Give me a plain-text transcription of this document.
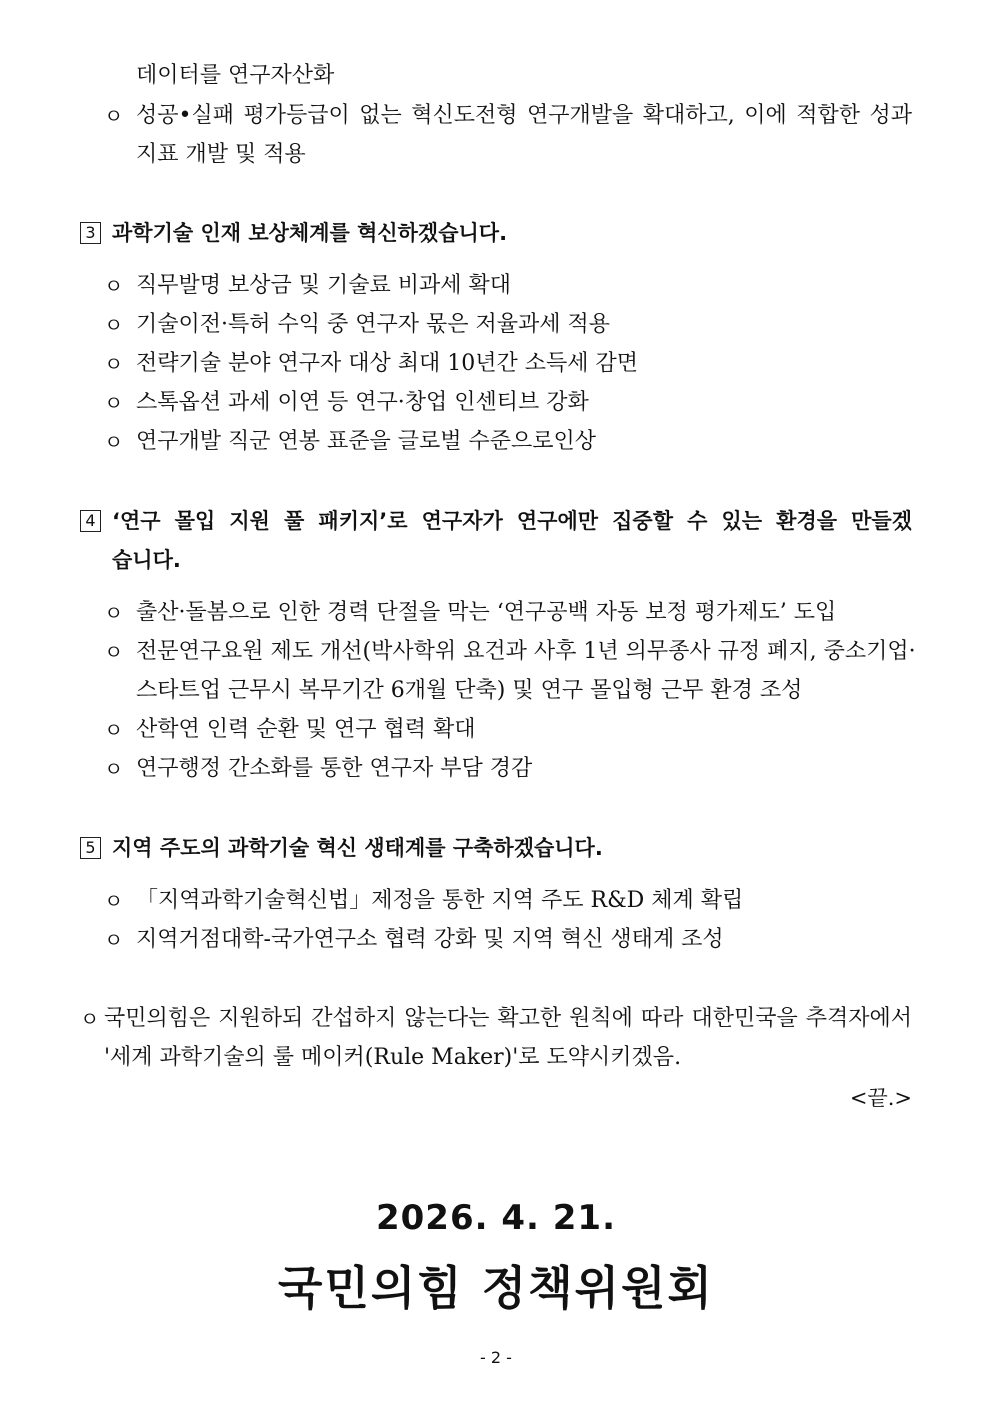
데이터를 연구자산화
ㅇ 성공•실패 평가등급이 없는 혁신도전형 연구개발을 확대하고, 이에 적합한 성과
지표 개발 및 적용
3 과학기술 인재 보상체계를 혁신하겠습니다.
ㅇ 직무발명 보상금 및 기술료 비과세 확대
ㅇ 기술이전·특허 수익 중 연구자 몫은 저율과세 적용
ㅇ 전략기술 분야 연구자 대상 최대 10년간 소득세 감면
ㅇ 스톡옵션 과세 이연 등 연구·창업 인센티브 강화
ㅇ 연구개발 직군 연봉 표준을 글로벌 수준으로인상
4 ‘연구 몰입 지원 풀 패키지’로 연구자가 연구에만 집중할 수 있는 환경을 만들겠
습니다.
ㅇ 출산·돌봄으로 인한 경력 단절을 막는 ‘연구공백 자동 보정 평가제도’ 도입
ㅇ 전문연구요원 제도 개선(박사학위 요건과 사후 1년 의무종사 규정 폐지, 중소기업·
스타트업 근무시 복무기간 6개월 단축) 및 연구 몰입형 근무 환경 조성
ㅇ 산학연 인력 순환 및 연구 협력 확대
ㅇ 연구행정 간소화를 통한 연구자 부담 경감
5 지역 주도의 과학기술 혁신 생태계를 구축하겠습니다.
ㅇ 「지역과학기술혁신법」제정을 통한 지역 주도 R&D 체계 확립
ㅇ 지역거점대학-국가연구소 협력 강화 및 지역 혁신 생태계 조성
ㅇ 국민의힘은 지원하되 간섭하지 않는다는 확고한 원칙에 따라 대한민국을 추격자에서
'세계 과학기술의 룰 메이커(Rule Maker)'로 도약시키겠음.
<끝.>
2026. 4. 21.
국민의힘 정책위원회
- 2 -
